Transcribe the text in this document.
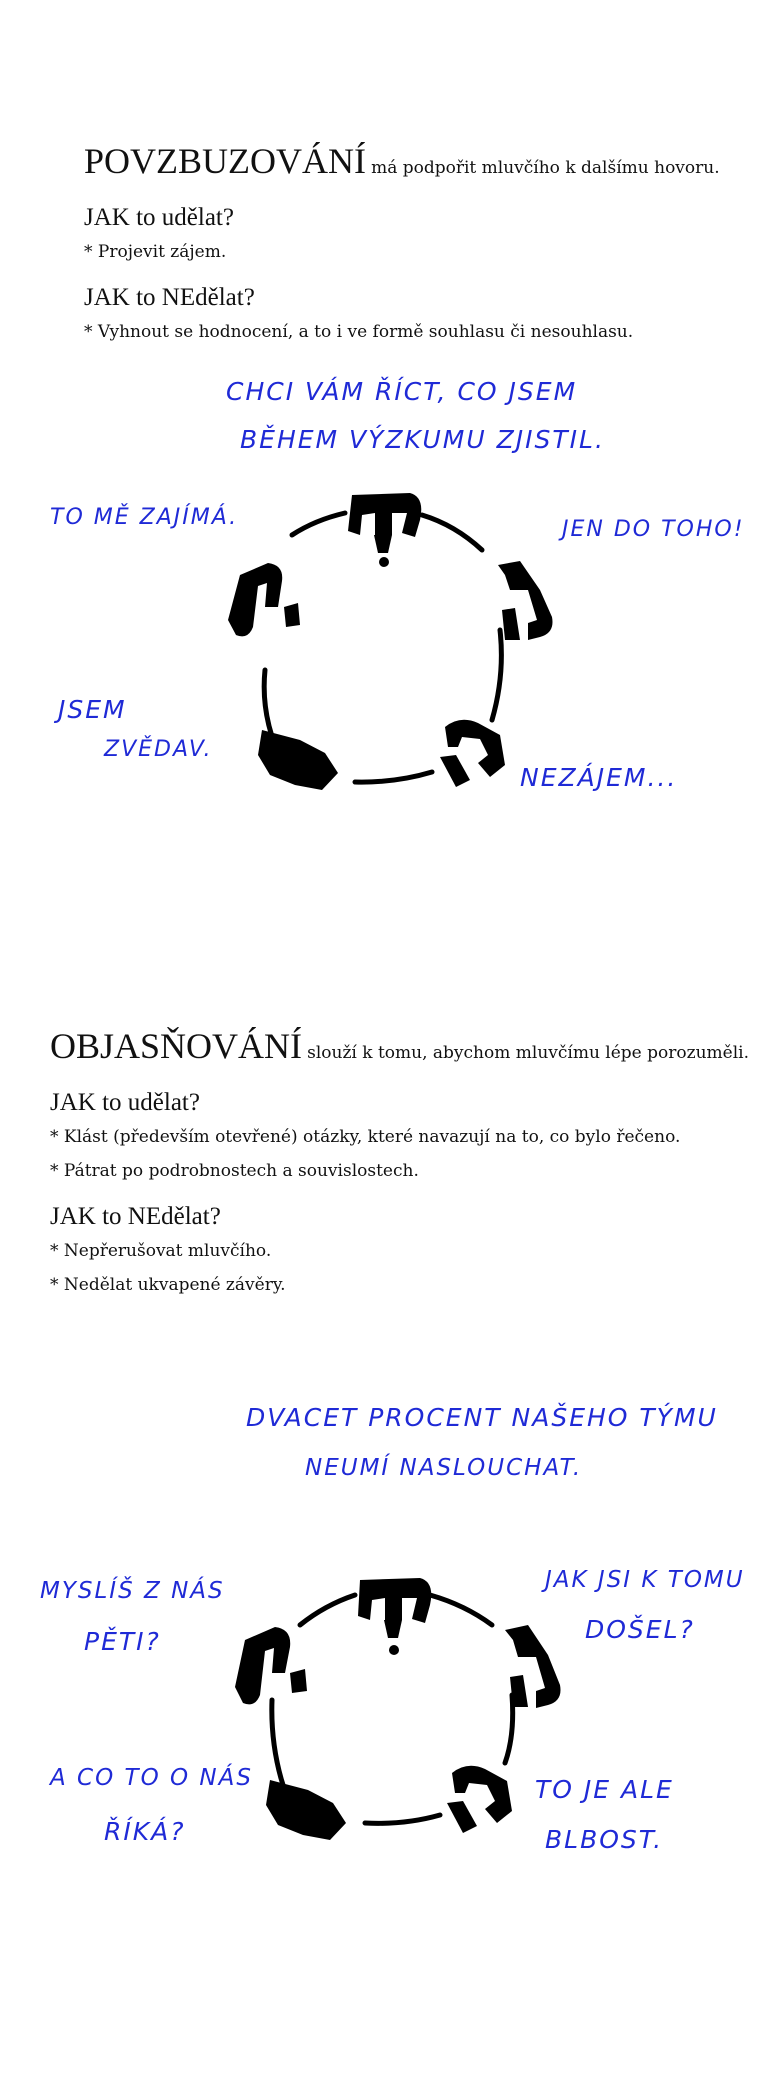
POVZBUZOVÁNÍ má podpořit mluvčího k dalšímu hovoru.

JAK to udělat?

* Projevit zájem.

JAK to NEdělat?

* Vyhnout se hodnocení, a to i ve formě souhlasu či nesouhlasu.

CHCI VÁM ŘÍCT, CO JSEM
BĚHEM VÝZKUMU ZJISTIL.
TO MĚ ZAJÍMÁ.	JEN DO TOHO!
JSEM
ZVĚDAV.
NEZÁJEM...

OBJASŇOVÁNÍ slouží k tomu, abychom mluvčímu lépe porozuměli.

JAK to udělat?

* Klást (především otevřené) otázky, které navazují na to, co bylo řečeno.

* Pátrat po podrobnostech a souvislostech.

JAK to NEdělat?

* Nepřerušovat mluvčího.

* Nedělat ukvapené závěry.

DVACET PROCENT NAŠEHO TÝMU
NEUMÍ NASLOUCHAT.
MYSLÍŠ Z NÁS
PĚTI?
JAK JSI K TOMU
DOŠEL?
A CO TO O NÁS
ŘÍKÁ?
TO JE ALE
BLBOST.
